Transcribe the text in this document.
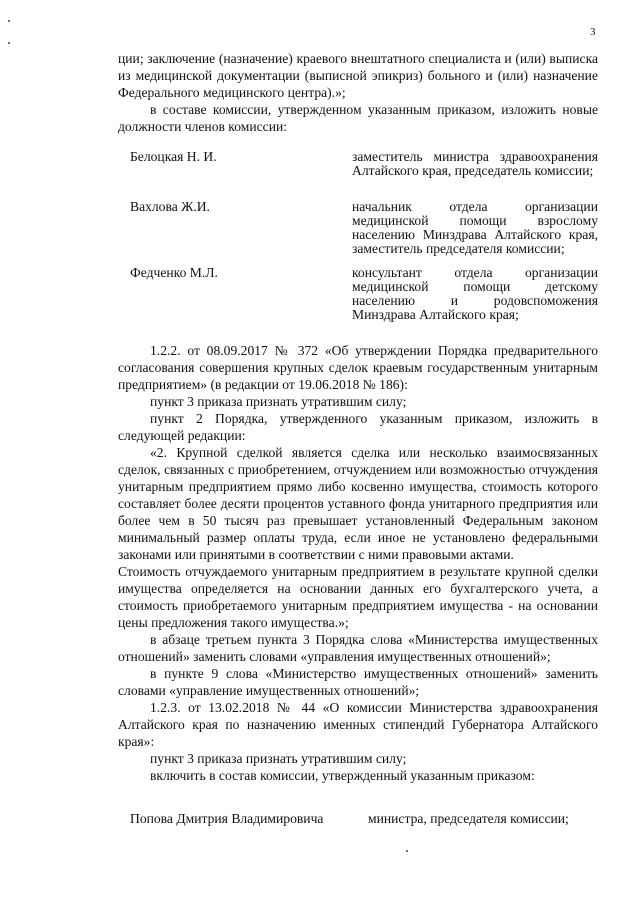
3

ции; заключение (назначение) краевого внештатного специалиста и (или) выписка из медицинской документации (выписной эпикриз) больного и (или) назначение Федерального медицинского центра).»;

в составе комиссии, утвержденном указанным приказом, изложить новые должности членов комиссии:

Белоцкая Н. И.	заместитель министра здравоохранения Алтайского края, председатель комиссии;
Вахлова Ж.И.	начальник отдела организации медицинской помощи взрослому населению Минздрава Алтайского края, заместитель председателя комиссии;
Федченко М.Л.	консультант отдела организации медицинской помощи детскому населению и родовспоможения Минздрава Алтайского края;

1.2.2. от 08.09.2017 № 372 «Об утверждении Порядка предварительного согласования совершения крупных сделок краевым государственным унитарным предприятием» (в редакции от 19.06.2018 № 186):

пункт 3 приказа признать утратившим силу;

пункт 2 Порядка, утвержденного указанным приказом, изложить в следующей редакции:

«2. Крупной сделкой является сделка или несколько взаимосвязанных сделок, связанных с приобретением, отчуждением или возможностью отчуждения унитарным предприятием прямо либо косвенно имущества, стоимость которого составляет более десяти процентов уставного фонда унитарного предприятия или более чем в 50 тысяч раз превышает установленный Федеральным законом минимальный размер оплаты труда, если иное не установлено федеральными законами или принятыми в соответствии с ними правовыми актами.

Стоимость отчуждаемого унитарным предприятием в результате крупной сделки имущества определяется на основании данных его бухгалтерского учета, а стоимость приобретаемого унитарным предприятием имущества - на основании цены предложения такого имущества.»;

в абзаце третьем пункта 3 Порядка слова «Министерства имущественных отношений» заменить словами «управления имущественных отношений»;

в пункте 9 слова «Министерство имущественных отношений» заменить словами «управление имущественных отношений»;

1.2.3. от 13.02.2018 № 44 «О комиссии Министерства здравоохранения Алтайского края по назначению именных стипендий Губернатора Алтайского края»:

пункт 3 приказа признать утратившим силу;

включить в состав комиссии, утвержденный указанным приказом:

Попова Дмитрия Владимировича	министра, председателя комиссии;
